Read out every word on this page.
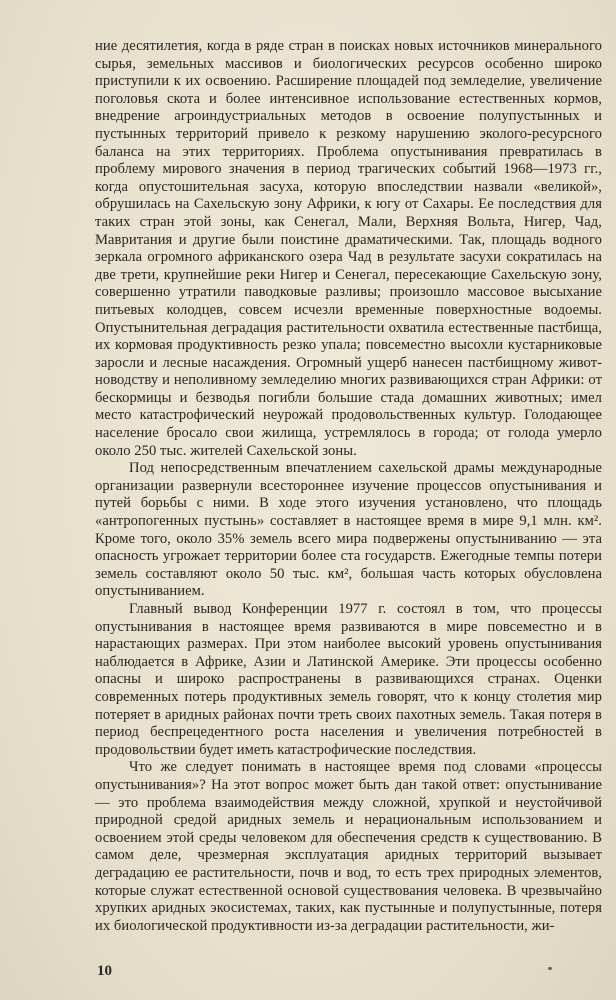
ние десятилетия, когда в ряде стран в поисках новых источников минерального сырья, земельных массивов и биологических ресурсов особенно широко приступили к их освоению. Расширение площадей под земледелие, увеличение поголовья скота и более интенсивное использование естественных кормов, внедрение агроиндустриальных методов в освоение полупустынных и пустынных территорий привело к резкому нарушению эколого-ресурсного баланса на этих территориях. Проблема опустынивания превратилась в проблему мирового значения в период трагических событий 1968—1973 гг., когда опустошительная засуха, которую впоследствии назвали «великой», обрушилась на Сахельскую зону Африки, к югу от Сахары. Ее последствия для таких стран этой зоны, как Сенегал, Мали, Верхняя Вольта, Нигер, Чад, Мавритания и другие были поистине драматическими. Так, площадь водного зеркала огромного африканского озера Чад в результате засухи сократилась на две трети, крупнейшие реки Нигер и Сенегал, пересекающие Сахельскую зону, совершенно утратили паводковые разливы; произошло массовое высыхание питьевых колодцев, совсем исчезли временные поверхностные водоемы. Опустынительная деградация растительности охватила естественные пастбища, их кормовая продуктивность резко упала; повсеместно высохли кустарниковые заросли и лесные насаждения. Огромный ущерб нанесен пастбищному животноводству и неполивному земледелию многих развивающихся стран Африки: от бескормицы и безводья погибли большие стада домашних животных; имел место катастрофический неурожай продовольственных культур. Голодающее население бросало свои жилища, устремлялось в города; от голода умерло около 250 тыс. жителей Сахельской зоны.

Под непосредственным впечатлением сахельской драмы международные организации развернули всестороннее изучение процессов опустынивания и путей борьбы с ними. В ходе этого изучения установлено, что площадь «антропогенных пустынь» составляет в настоящее время в мире 9,1 млн. км². Кроме того, около 35% земель всего мира подвержены опустыниванию — эта опасность угрожает территории более ста государств. Ежегодные темпы потери земель составляют около 50 тыс. км², большая часть которых обусловлена опустыниванием.

Главный вывод Конференции 1977 г. состоял в том, что процессы опустынивания в настоящее время развиваются в мире повсеместно и в нарастающих размерах. При этом наиболее высокий уровень опустынивания наблюдается в Африке, Азии и Латинской Америке. Эти процессы особенно опасны и широко распространены в развивающихся странах. Оценки современных потерь продуктивных земель говорят, что к концу столетия мир потеряет в аридных районах почти треть своих пахотных земель. Такая потеря в период беспрецедентного роста населения и увеличения потребностей в продовольствии будет иметь катастрофические последствия.

Что же следует понимать в настоящее время под словами «процессы опустынивания»? На этот вопрос может быть дан такой ответ: опустынивание — это проблема взаимодействия между сложной, хрупкой и неустойчивой природной средой аридных земель и нерациональным использованием и освоением этой среды человеком для обеспечения средств к существованию. В самом деле, чрезмерная эксплуатация аридных территорий вызывает деградацию ее растительности, почв и вод, то есть трех природных элементов, которые служат естественной основой существования человека. В чрезвычайно хрупких аридных экосистемах, таких, как пустынные и полупустынные, потеря их биологической продуктивности из-за деградации растительности, жи-

10
